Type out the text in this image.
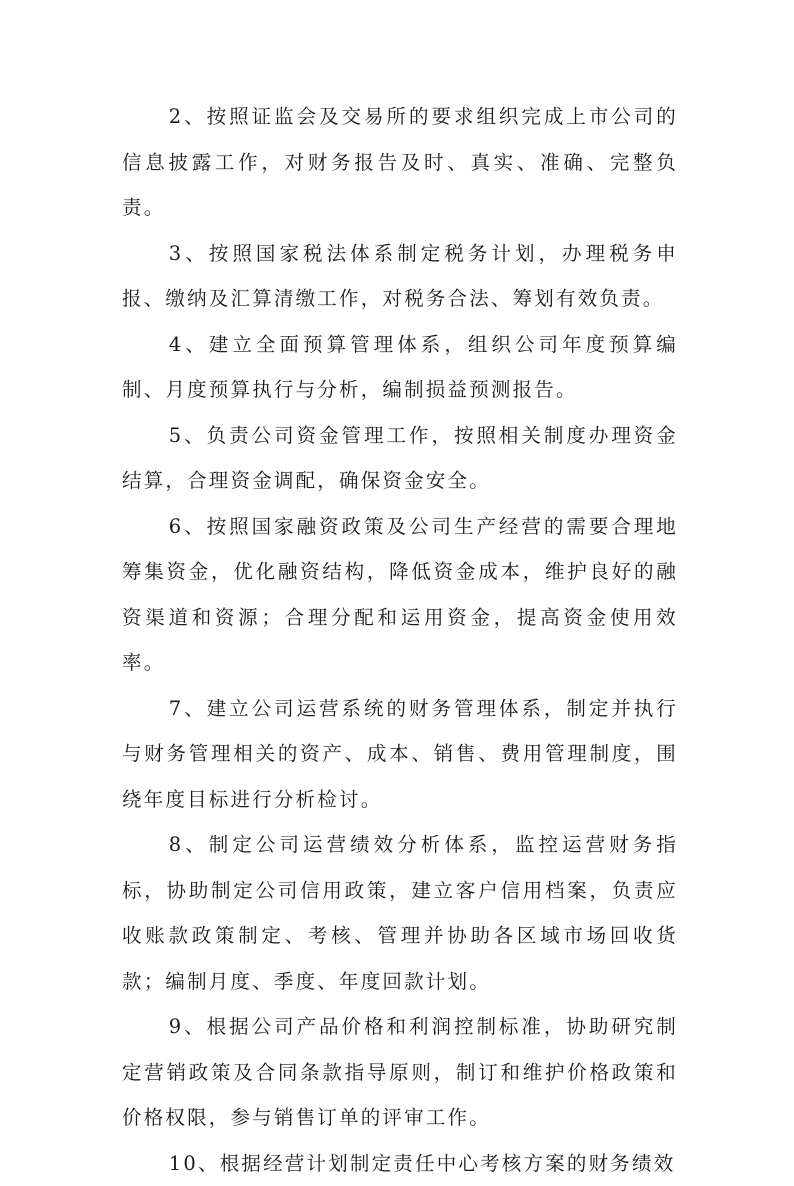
2、按照证监会及交易所的要求组织完成上市公司的信息披露工作，对财务报告及时、真实、准确、完整负责。

3、按照国家税法体系制定税务计划，办理税务申报、缴纳及汇算清缴工作，对税务合法、筹划有效负责。

4、建立全面预算管理体系，组织公司年度预算编制、月度预算执行与分析，编制损益预测报告。

5、负责公司资金管理工作，按照相关制度办理资金结算，合理资金调配，确保资金安全。

6、按照国家融资政策及公司生产经营的需要合理地筹集资金，优化融资结构，降低资金成本，维护良好的融资渠道和资源；合理分配和运用资金，提高资金使用效率。

7、建立公司运营系统的财务管理体系，制定并执行与财务管理相关的资产、成本、销售、费用管理制度，围绕年度目标进行分析检讨。

8、制定公司运营绩效分析体系，监控运营财务指标，协助制定公司信用政策，建立客户信用档案，负责应收账款政策制定、考核、管理并协助各区域市场回收货款；编制月度、季度、年度回款计划。

9、根据公司产品价格和利润控制标准，协助研究制定营销政策及合同条款指导原则，制订和维护价格政策和价格权限，参与销售订单的评审工作。

10、根据经营计划制定责任中心考核方案的财务绩效
